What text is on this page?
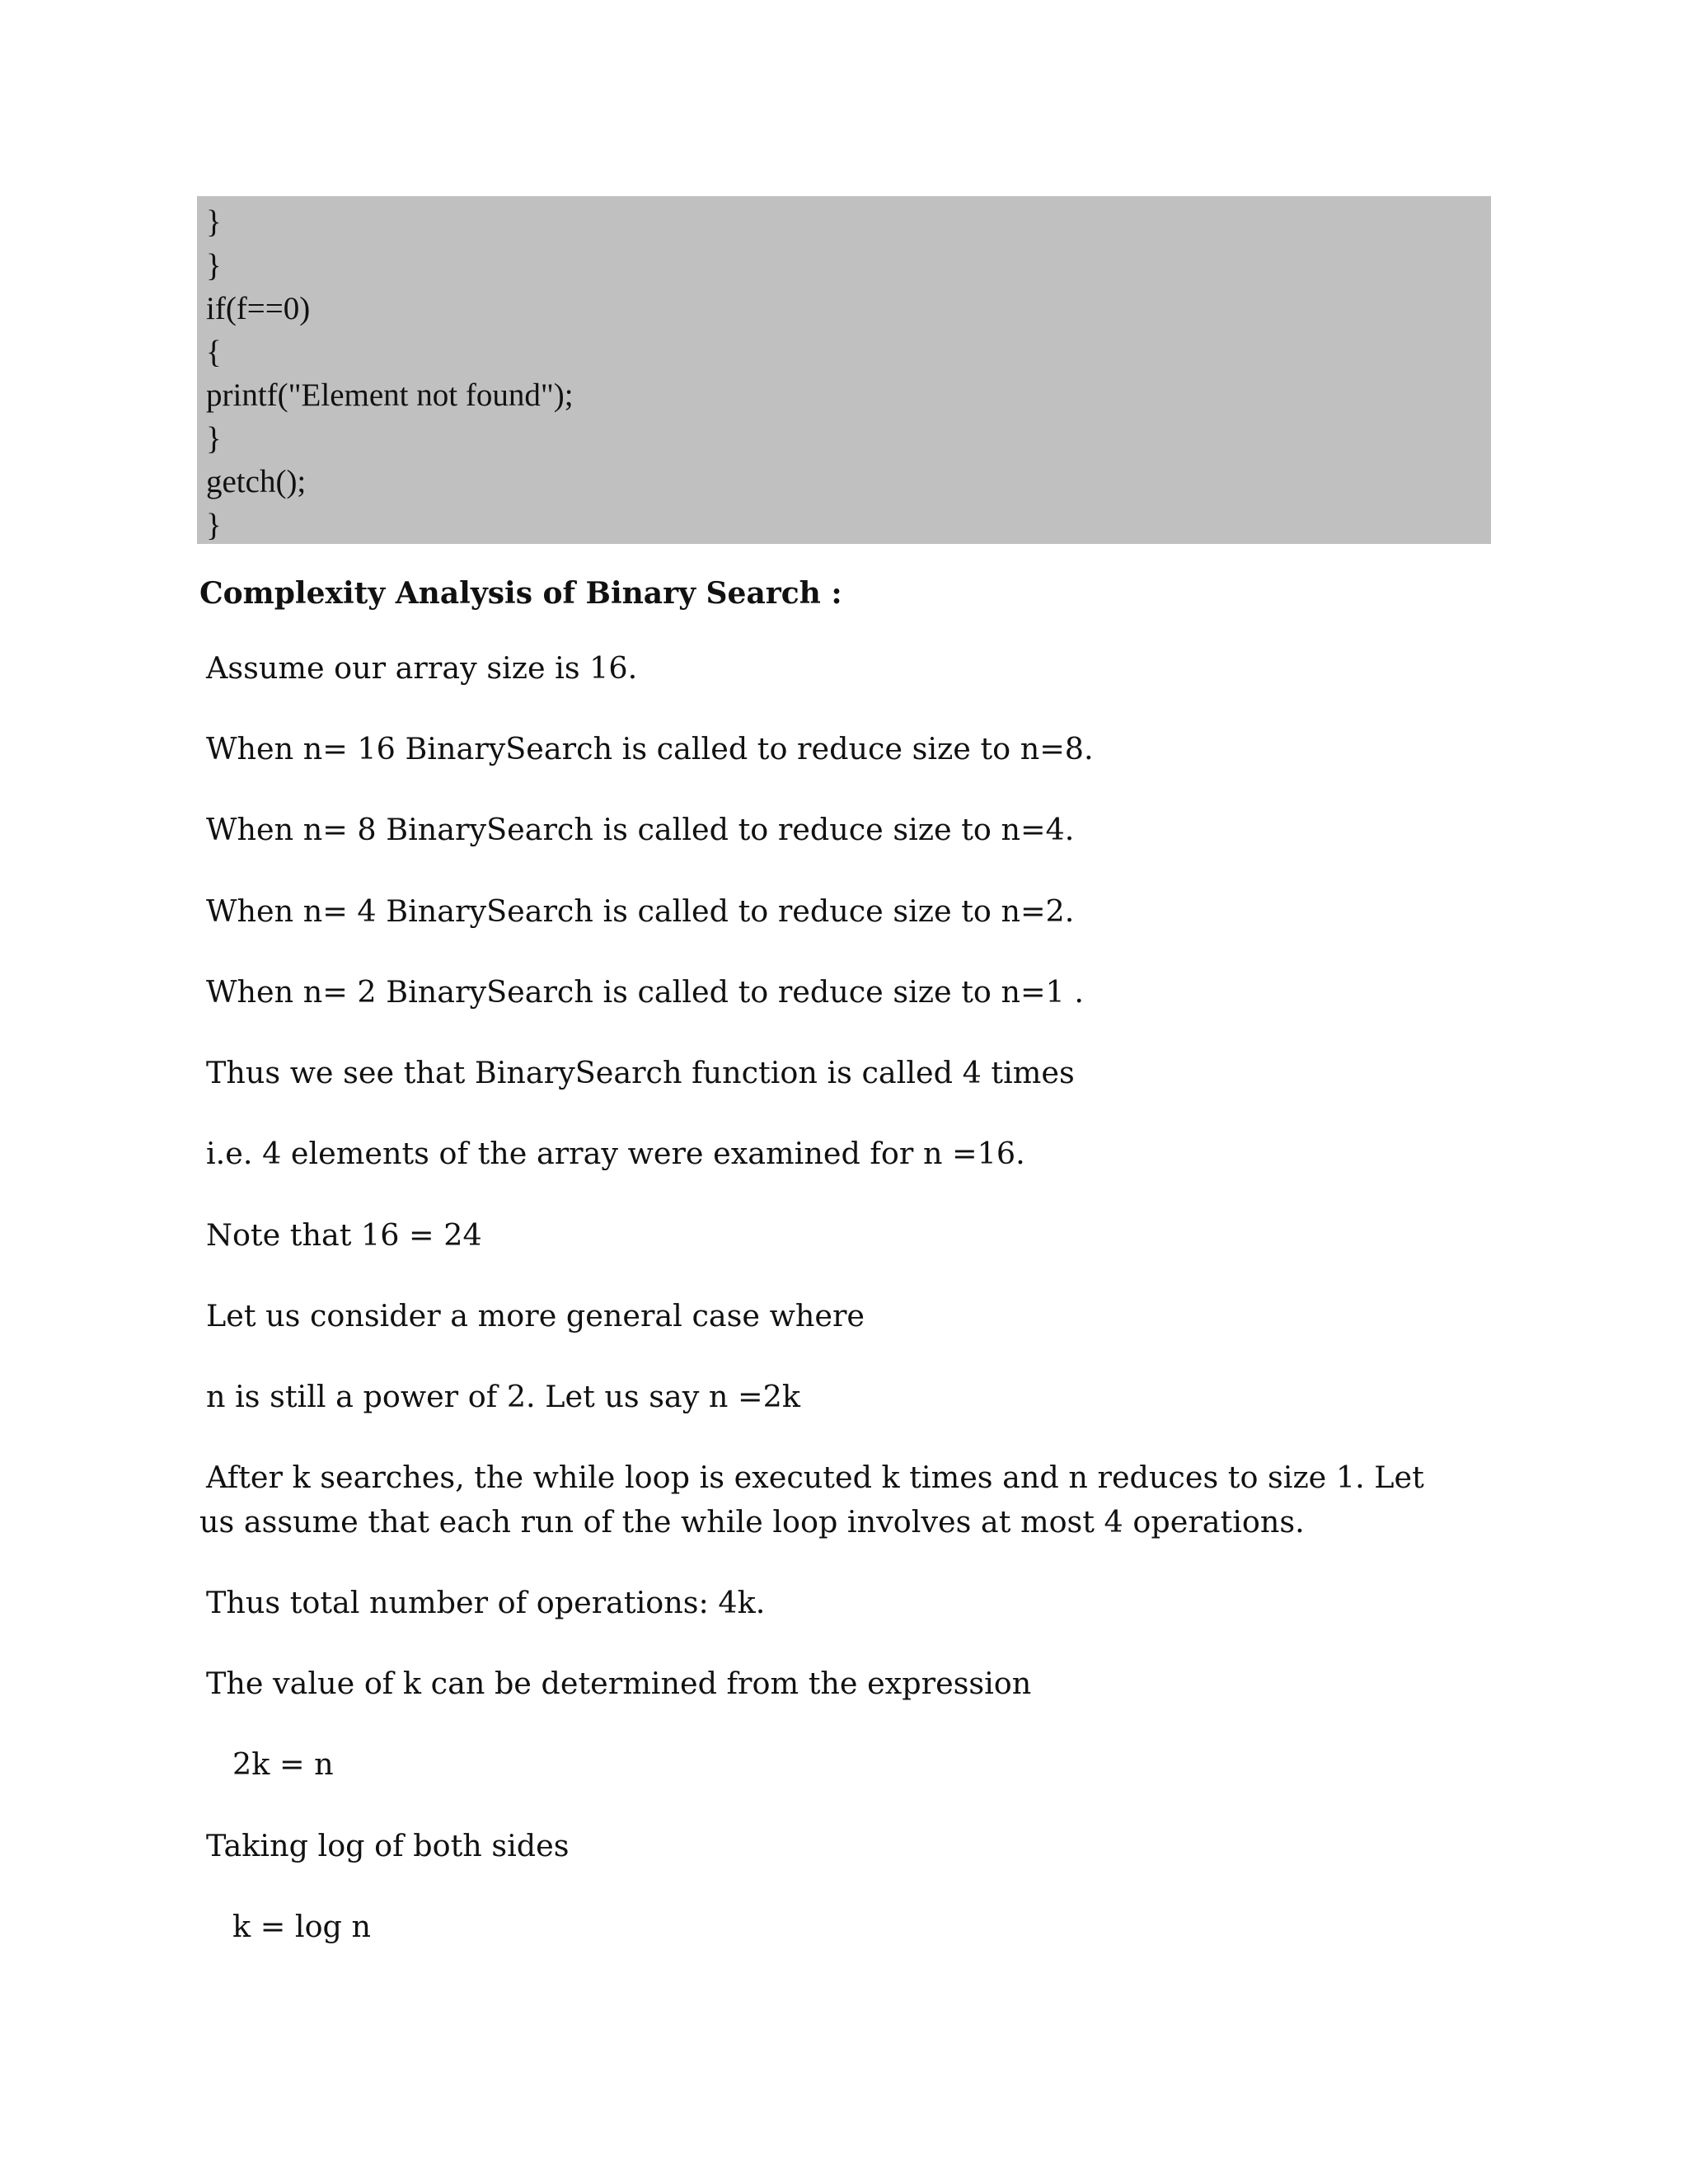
}
}
if(f==0)
{
printf("Element not found");
}
getch();
}
Complexity Analysis of Binary Search :

Assume our array size is 16.

When n= 16 BinarySearch is called to reduce size to n=8.

When n= 8 BinarySearch is called to reduce size to n=4.

When n= 4 BinarySearch is called to reduce size to n=2.

When n= 2 BinarySearch is called to reduce size to n=1 .

Thus we see that BinarySearch function is called 4 times

i.e. 4 elements of the array were examined for n =16.

Note that 16 = 24

Let us consider a more general case where

n is still a power of 2. Let us say n =2k

After k searches, the while loop is executed k times and n reduces to size 1. Let us assume that each run of the while loop involves at most 4 operations.

Thus total number of operations: 4k.

The value of k can be determined from the expression

2k = n

Taking log of both sides

k = log n
